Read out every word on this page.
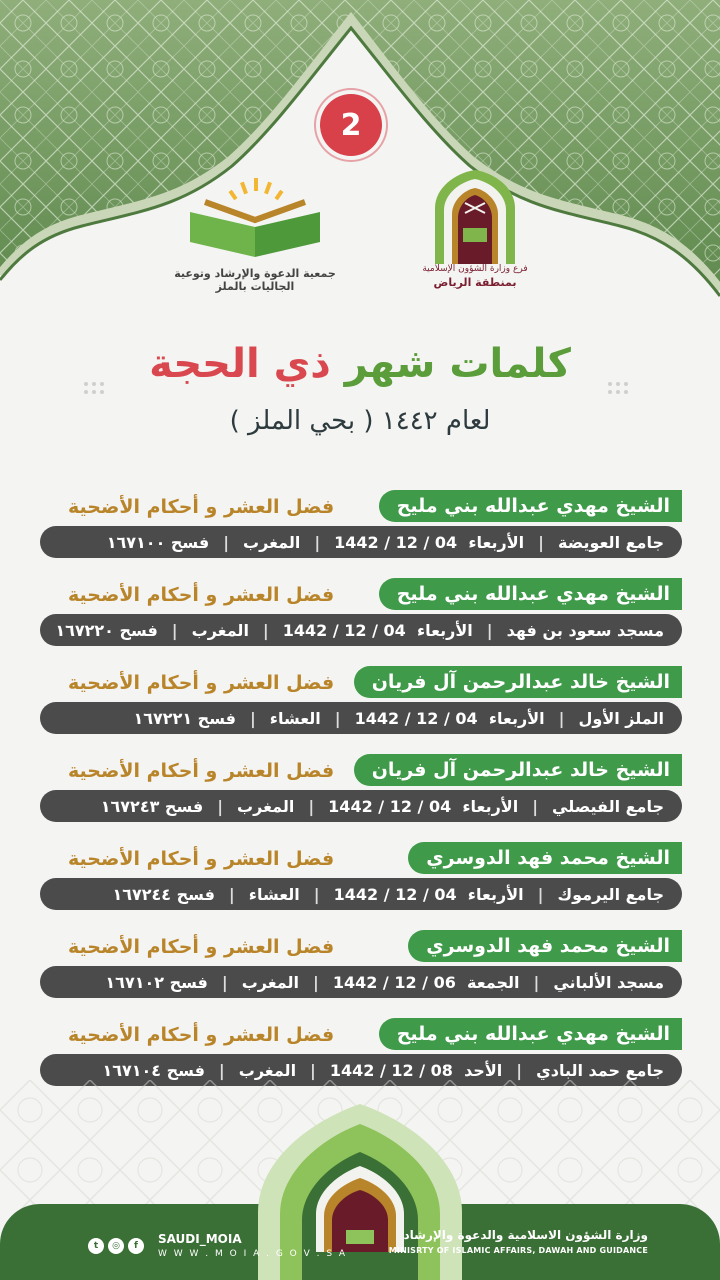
2
جمعية الدعوة والإرشاد وتوعية الجاليات بالملز
فرع وزارة الشؤون الإسلامية
بمنطقة الرياض
كلمات شهر ذي الحجة
لعام ١٤٤٢ ( بحي الملز )
الشيخ مهدي عبدالله بني مليح
فضل العشر و أحكام الأضحية
جامع العويضة
|
الأربعاء

04 / 12 / 1442
|
المغرب
|
فسح ١٦٧١٠٠
الشيخ مهدي عبدالله بني مليح
فضل العشر و أحكام الأضحية
مسجد سعود بن فهد
|
الأربعاء

04 / 12 / 1442
|
المغرب
|
فسح ١٦٧٢٢٠
الشيخ خالد عبدالرحمن آل فريان
فضل العشر و أحكام الأضحية
الملز الأول
|
الأربعاء

04 / 12 / 1442
|
العشاء
|
فسح ١٦٧٢٢١
الشيخ خالد عبدالرحمن آل فريان
فضل العشر و أحكام الأضحية
جامع الفيصلي
|
الأربعاء

04 / 12 / 1442
|
المغرب
|
فسح ١٦٧٢٤٣
الشيخ محمد فهد الدوسري
فضل العشر و أحكام الأضحية
جامع اليرموك
|
الأربعاء

04 / 12 / 1442
|
العشاء
|
فسح ١٦٧٢٤٤
الشيخ محمد فهد الدوسري
فضل العشر و أحكام الأضحية
مسجد الألباني
|
الجمعة

06 / 12 / 1442
|
المغرب
|
فسح ١٦٧١٠٢
الشيخ مهدي عبدالله بني مليح
فضل العشر و أحكام الأضحية
جامع حمد البادي
|
الأحد

08 / 12 / 1442
|
المغرب
|
فسح ١٦٧١٠٤
وزارة الشؤون الاسلامية والدعوة والإرشاد
MINISRTY OF ISLAMIC AFFAIRS, DAWAH AND GUIDANCE
t	◎	f	SAUDI_MOIA
W W W . M O I A . G O V . S A
